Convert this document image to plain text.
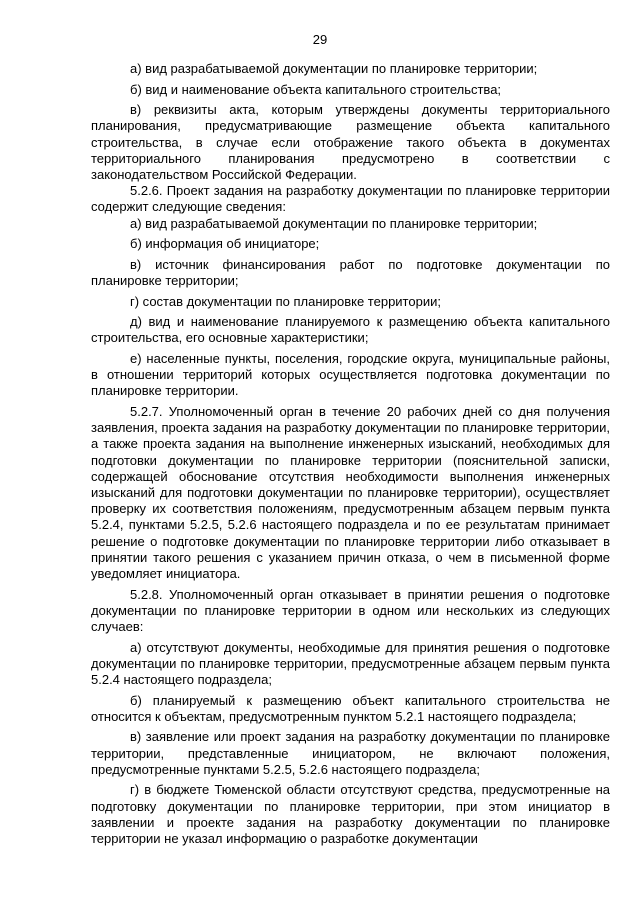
29

а) вид разрабатываемой документации по планировке территории;

б) вид и наименование объекта капитального строительства;

в) реквизиты акта, которым утверждены документы территориального планирования, предусматривающие размещение объекта капитального строительства, в случае если отображение такого объекта в документах территориального планирования предусмотрено в соответствии с законодательством Российской Федерации.

5.2.6. Проект задания на разработку документации по планировке территории содержит следующие сведения:

а) вид разрабатываемой документации по планировке территории;

б) информация об инициаторе;

в) источник финансирования работ по подготовке документации по планировке территории;

г) состав документации по планировке территории;

д) вид и наименование планируемого к размещению объекта капитального строительства, его основные характеристики;

е) населенные пункты, поселения, городские округа, муниципальные районы, в отношении территорий которых осуществляется подготовка документации по планировке территории.

5.2.7. Уполномоченный орган в течение 20 рабочих дней со дня получения заявления, проекта задания на разработку документации по планировке территории, а также проекта задания на выполнение инженерных изысканий, необходимых для подготовки документации по планировке территории (пояснительной записки, содержащей обоснование отсутствия необходимости выполнения инженерных изысканий для подготовки документации по планировке территории), осуществляет проверку их соответствия положениям, предусмотренным абзацем первым пункта 5.2.4, пунктами 5.2.5, 5.2.6 настоящего подраздела и по ее результатам принимает решение о подготовке документации по планировке территории либо отказывает в принятии такого решения с указанием причин отказа, о чем в письменной форме уведомляет инициатора.

5.2.8. Уполномоченный орган отказывает в принятии решения о подготовке документации по планировке территории в одном или нескольких из следующих случаев:

а) отсутствуют документы, необходимые для принятия решения о подготовке документации по планировке территории, предусмотренные абзацем первым пункта 5.2.4 настоящего подраздела;

б) планируемый к размещению объект капитального строительства не относится к объектам, предусмотренным пунктом 5.2.1 настоящего подраздела;

в) заявление или проект задания на разработку документации по планировке территории, представленные инициатором, не включают положения, предусмотренные пунктами 5.2.5, 5.2.6 настоящего подраздела;

г) в бюджете Тюменской области отсутствуют средства, предусмотренные на подготовку документации по планировке территории, при этом инициатор в заявлении и проекте задания на разработку документации по планировке территории не указал информацию о разработке документации
